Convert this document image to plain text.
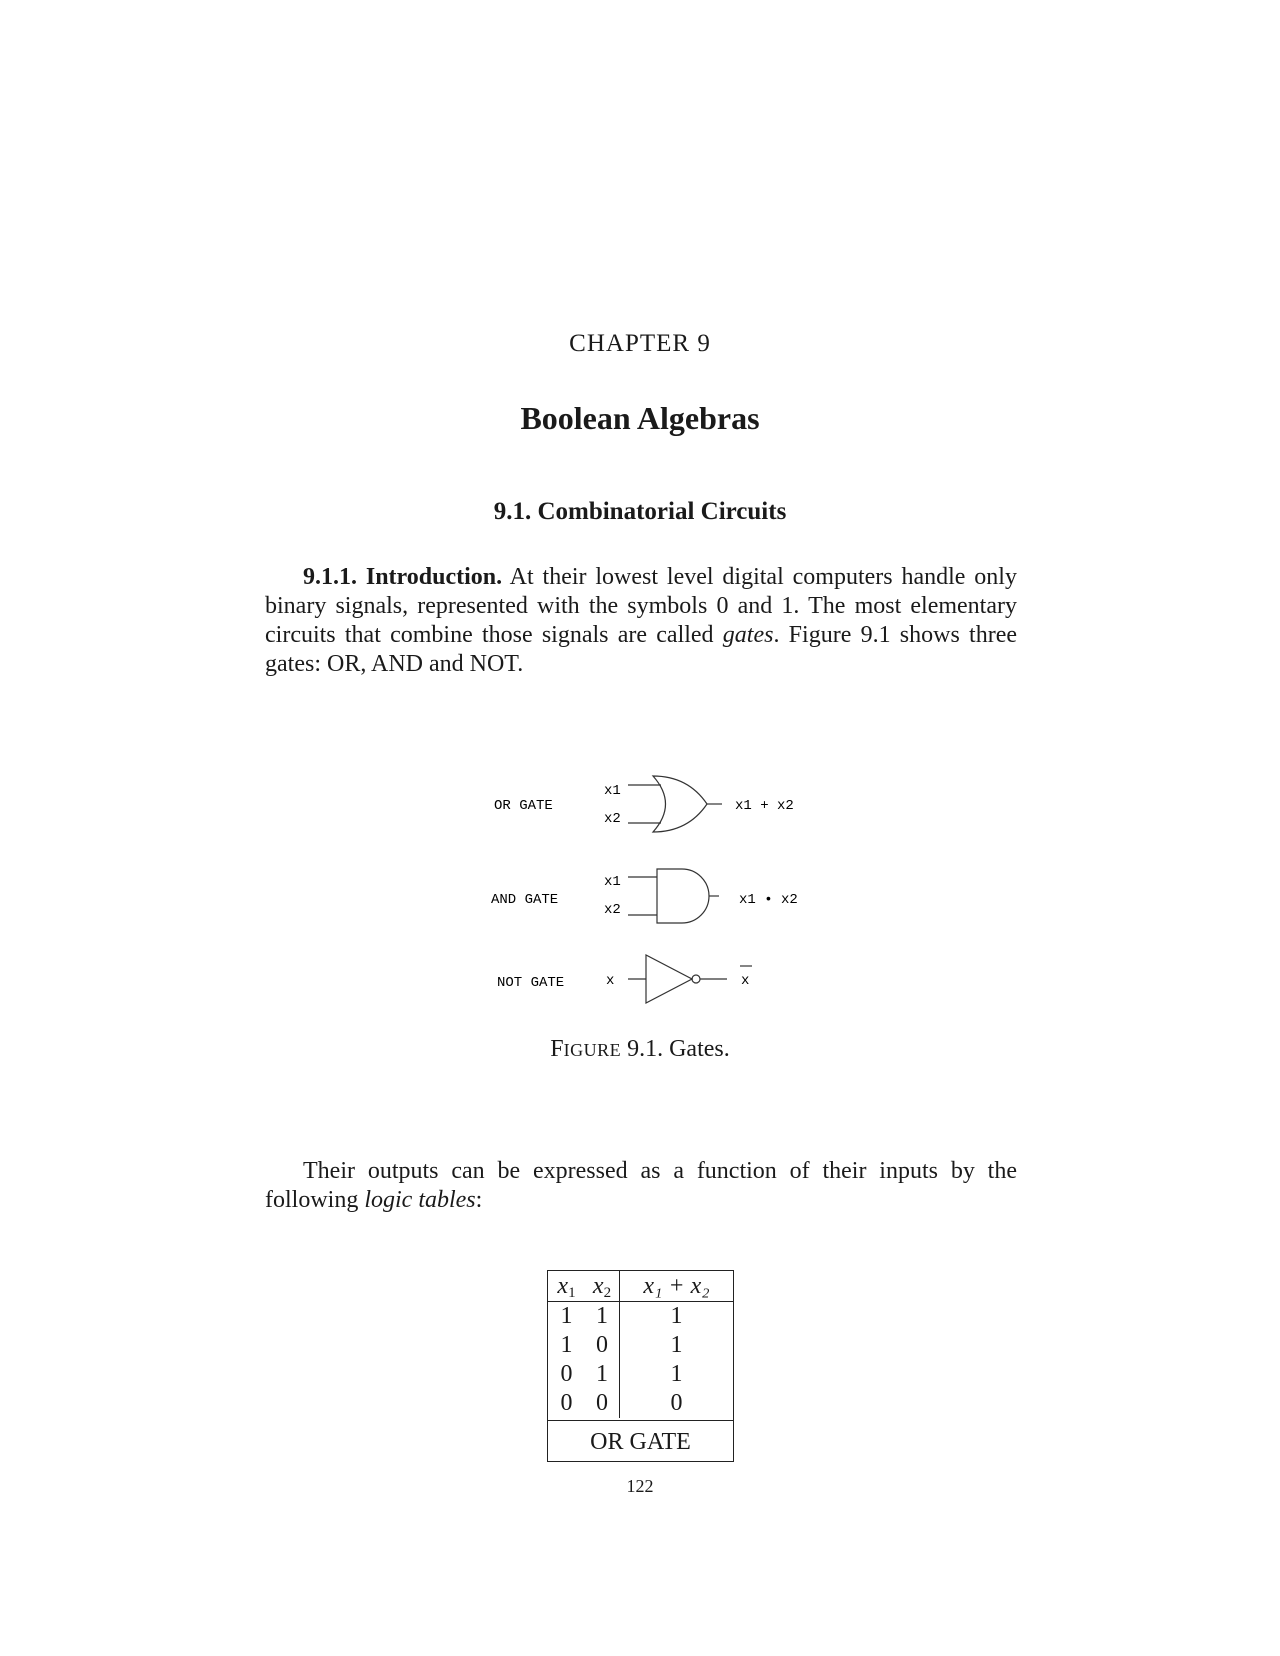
CHAPTER 9
Boolean Algebras
9.1. Combinatorial Circuits
9.1.1. Introduction. At their lowest level digital computers handle only binary signals, represented with the symbols 0 and 1. The most elementary circuits that combine those signals are called gates. Figure 9.1 shows three gates: OR, AND and NOT.
OR GATE
x1
x2
x1 + x2
AND GATE
x1
x2
x1 • x2
NOT GATE	x	x
FIGURE 9.1. Gates.
Their outputs can be expressed as a function of their inputs by the following logic tables:
$x_1$ $x_2$	x₁ + x₂
1 1	1
1 0	1
0 1	1
0 0	0
OR GATE
122
